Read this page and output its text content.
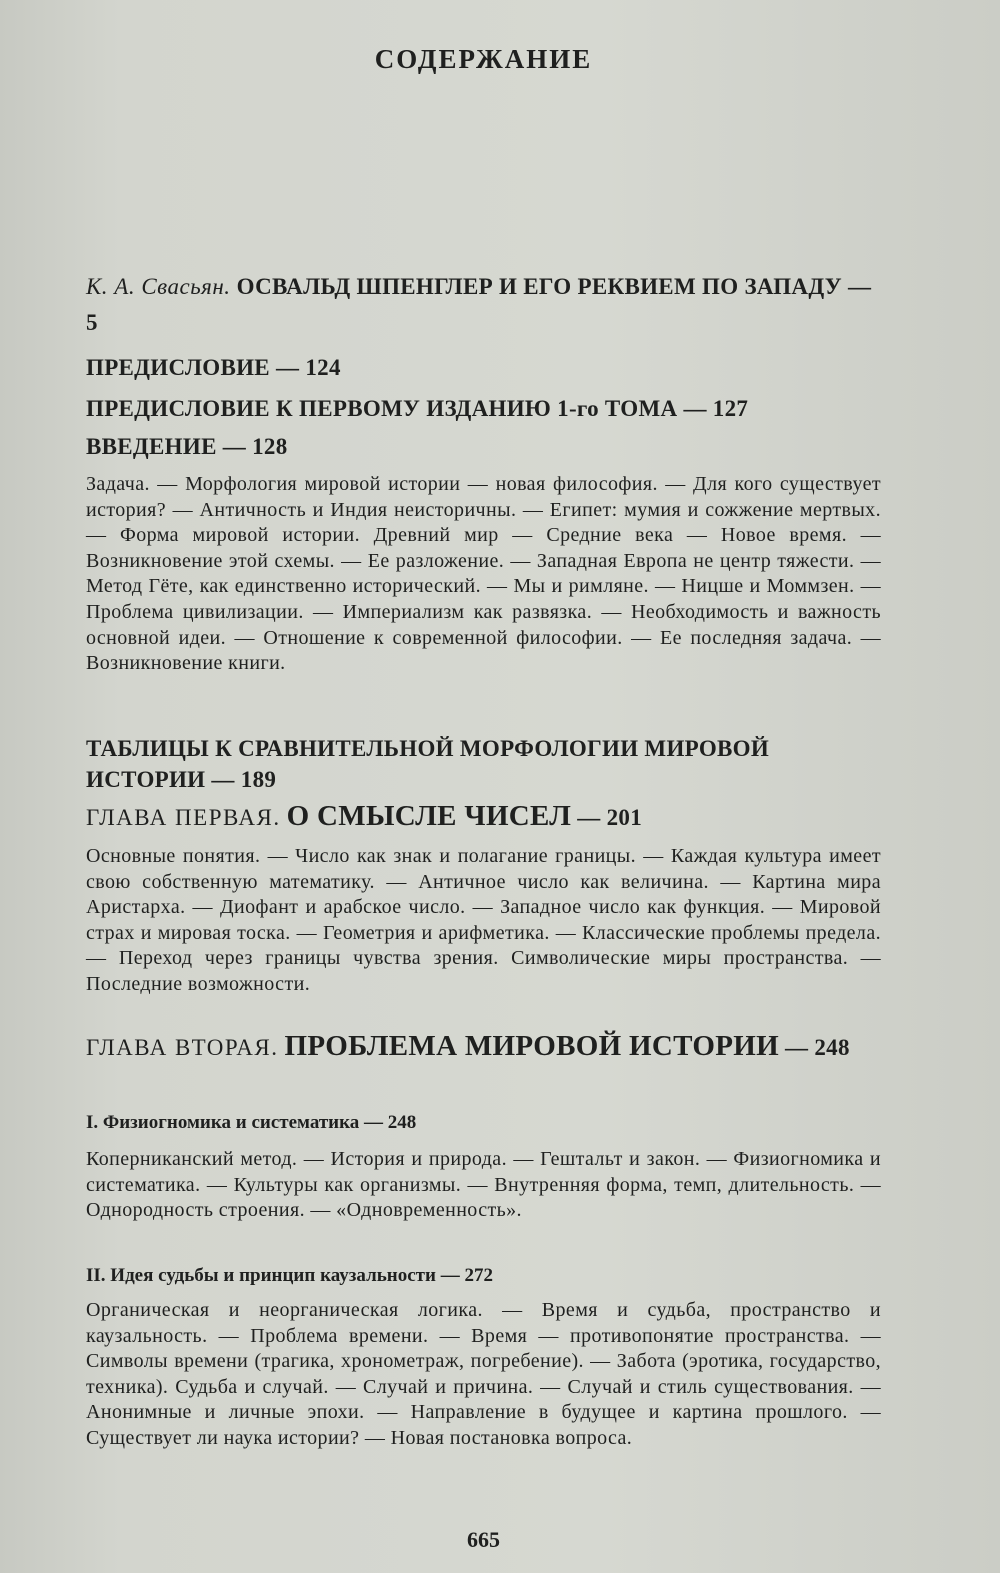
СОДЕРЖАНИЕ
К. А. Сваcьян. ОСВАЛЬД ШПЕНГЛЕР И ЕГО РЕКВИЕМ ПО ЗАПАДУ — 5
ПРЕДИСЛОВИЕ — 124
ПРЕДИСЛОВИЕ К ПЕРВОМУ ИЗДАНИЮ 1-го ТОМА — 127
ВВЕДЕНИЕ — 128
Задача. — Морфология мировой истории — новая философия. — Для кого существует история? — Античность и Индия неисторичны. — Египет: мумия и сожжение мертвых. — Форма мировой истории. Древний мир — Средние века — Новое время. — Возникновение этой схемы. — Ее разложение. — Западная Европа не центр тяжести. — Метод Гёте, как единственно исторический. — Мы и римляне. — Ницше и Моммзен. — Проблема цивилизации. — Империализм как развязка. — Необходимость и важность основной идеи. — Отношение к современной философии. — Ее последняя задача. — Возникновение книги.
ТАБЛИЦЫ К СРАВНИТЕЛЬНОЙ МОРФОЛОГИИ МИРОВОЙ ИСТОРИИ — 189
ГЛАВА ПЕРВАЯ. О СМЫСЛЕ ЧИСЕЛ — 201
Основные понятия. — Число как знак и полагание границы. — Каждая культура имеет свою собственную математику. — Античное число как величина. — Картина мира Аристарха. — Диофант и арабское число. — Западное число как функция. — Мировой страх и мировая тоска. — Геометрия и арифметика. — Классические проблемы предела. — Переход через границы чувства зрения. Символические миры пространства. — Последние возможности.
ГЛАВА ВТОРАЯ. ПРОБЛЕМА МИРОВОЙ ИСТОРИИ — 248
I. Физиогномика и систематика — 248
Коперниканский метод. — История и природа. — Гештальт и закон. — Физиогномика и систематика. — Культуры как организмы. — Внутренняя форма, темп, длительность. — Однородность строения. — «Одновременность».
II. Идея судьбы и принцип каузальности — 272
Органическая и неорганическая логика. — Время и судьба, пространство и каузальность. — Проблема времени. — Время — противопонятие пространства. — Символы времени (трагика, хронометраж, погребение). — Забота (эротика, государство, техника). Судьба и случай. — Случай и причина. — Случай и стиль существования. — Анонимные и личные эпохи. — Направление в будущее и картина прошлого. — Существует ли наука истории? — Новая постановка вопроса.
665
